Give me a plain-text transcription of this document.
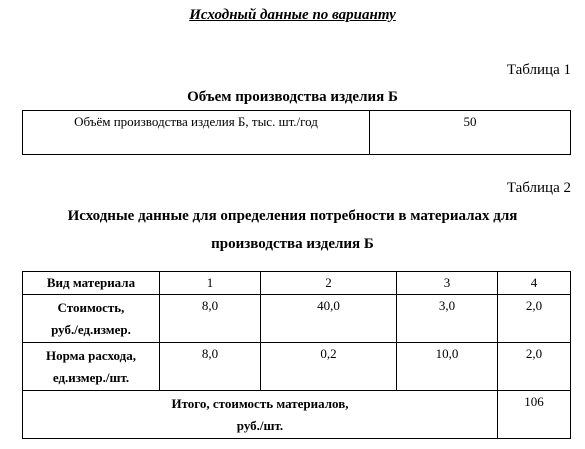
Исходный данные по варианту
Таблица 1
Объем производства изделия Б
Объём производства изделия Б, тыс. шт./год	50
Таблица 2
Исходные данные для определения потребности в материалах для
производства изделия Б
Вид материала	1	2	3	4

Стоимость,
руб./ед.измер.	8,0	40,0	3,0	2,0

Норма расхода,
ед.измер./шт.	8,0	0,2	10,0	2,0

Итого, стоимость материалов,
руб./шт.				106
